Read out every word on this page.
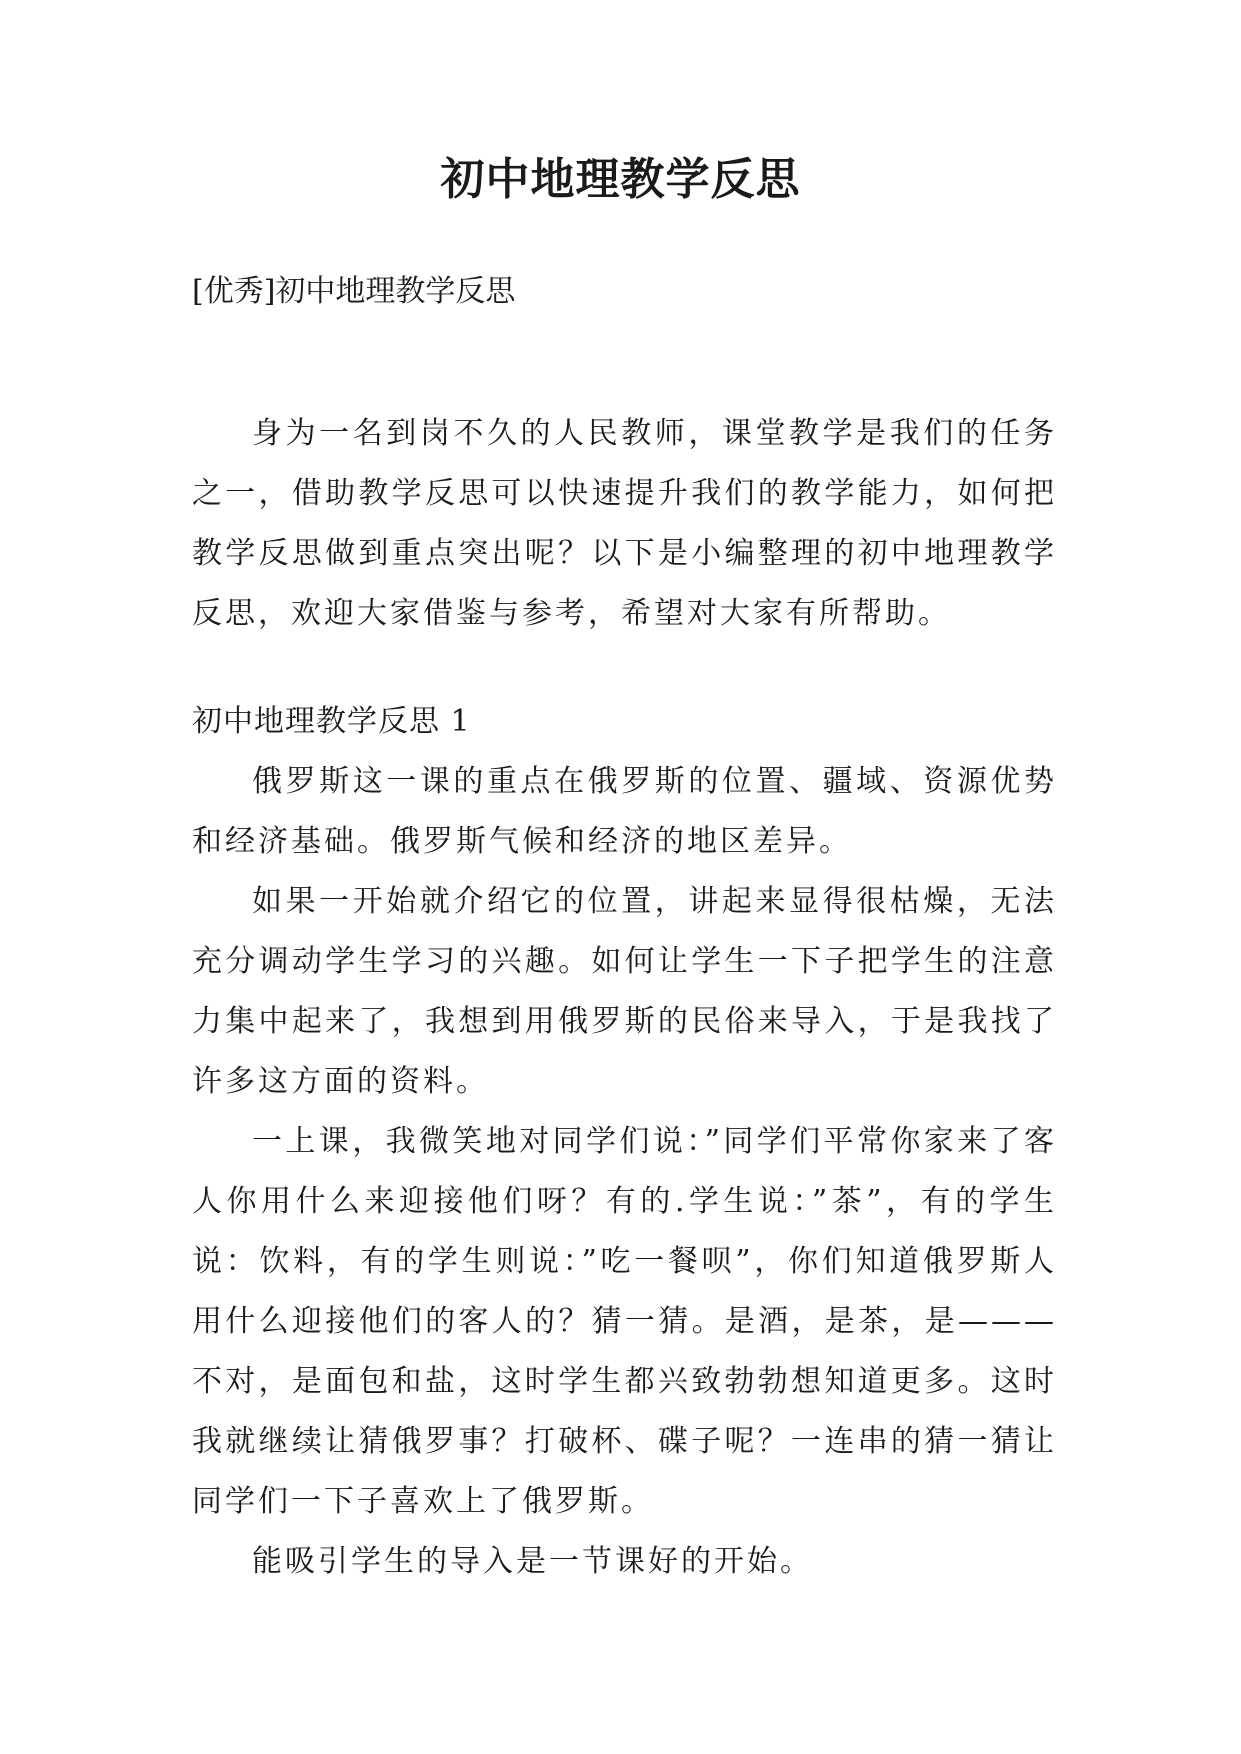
初中地理教学反思

[优秀]初中地理教学反思

身为一名到岗不久的人民教师，课堂教学是我们的任务之一，借助教学反思可以快速提升我们的教学能力，如何把教学反思做到重点突出呢？以下是小编整理的初中地理教学反思，欢迎大家借鉴与参考，希望对大家有所帮助。

初中地理教学反思 1

俄罗斯这一课的重点在俄罗斯的位置、疆域、资源优势和经济基础。俄罗斯气候和经济的地区差异。

如果一开始就介绍它的位置，讲起来显得很枯燥，无法充分调动学生学习的兴趣。如何让学生一下子把学生的注意力集中起来了，我想到用俄罗斯的民俗来导入，于是我找了许多这方面的资料。

一上课，我微笑地对同学们说：”同学们平常你家来了客人你用什么来迎接他们呀？有的.学生说：”茶”，有的学生说：饮料，有的学生则说：”吃一餐呗”，你们知道俄罗斯人用什么迎接他们的客人的？猜一猜。是酒，是茶，是———不对，是面包和盐，这时学生都兴致勃勃想知道更多。这时我就继续让猜俄罗事？打破杯、碟子呢？一连串的猜一猜让同学们一下子喜欢上了俄罗斯。

能吸引学生的导入是一节课好的开始。
